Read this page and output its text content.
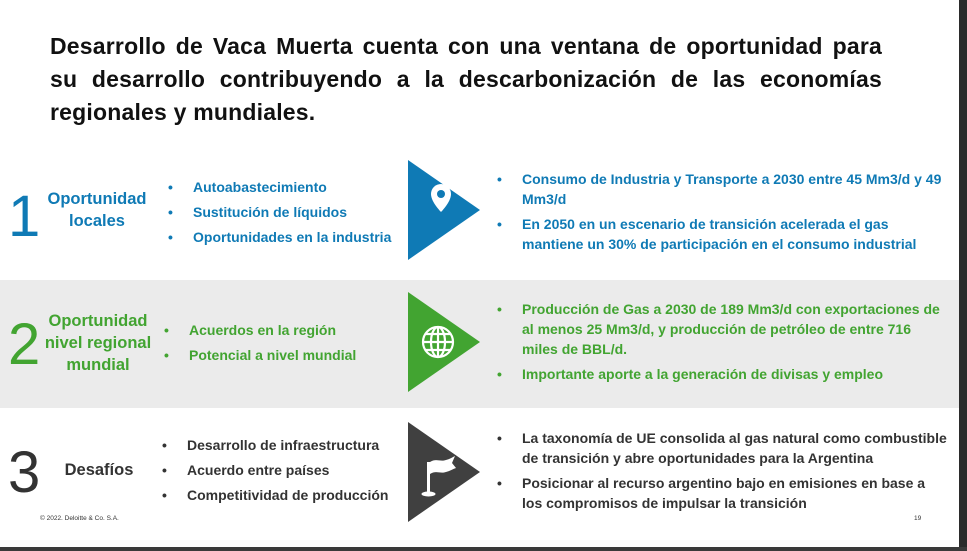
Desarrollo de Vaca Muerta cuenta con una ventana de oportunidad para su desarrollo contribuyendo a la descarbonización de las economías regionales y mundiales.
1 Oportunidad locales
• Autoabastecimiento
• Sustitución de líquidos
• Oportunidades en la industria
• Consumo de Industria y Transporte a 2030 entre 45 Mm3/d y 49 Mm3/d
• En 2050 en un escenario de transición acelerada el gas mantiene un 30% de participación en el consumo industrial
2 Oportunidad nivel regional mundial
• Acuerdos en la región
• Potencial a nivel mundial
• Producción de Gas a 2030 de 189 Mm3/d con exportaciones de al menos 25 Mm3/d, y producción de petróleo de entre 716 miles de BBL/d.
• Importante aporte a la generación de divisas y empleo
3	Desafíos
• Desarrollo de infraestructura
• Acuerdo entre países
• Competitividad de producción
• La taxonomía de UE consolida al gas natural como combustible de transición y abre oportunidades para la Argentina
• Posicionar al recurso argentino bajo en emisiones en base a los compromisos de impulsar la transición
© 2022. Deloitte & Co. S.A.	19
